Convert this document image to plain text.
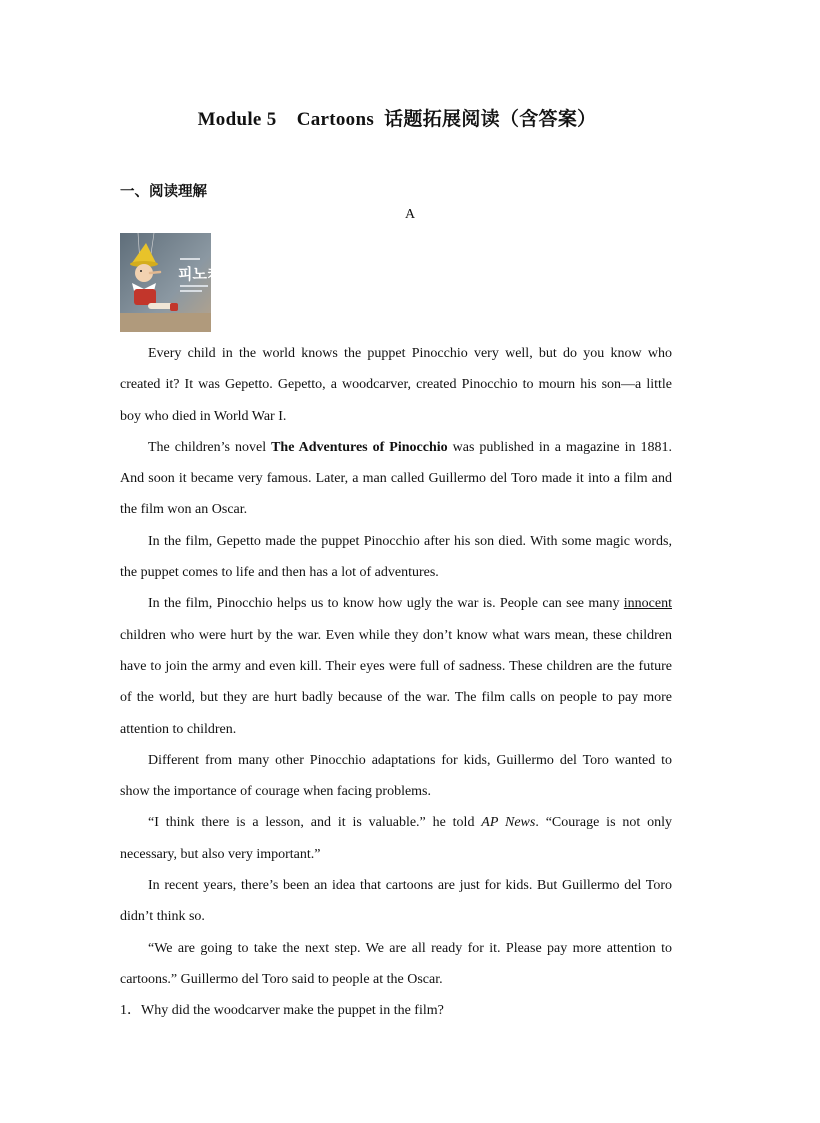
Module 5    Cartoons  话题拓展阅读（含答案）
一、阅读理解
A
피노키

Every child in the world knows the puppet Pinocchio very well, but do you know who created it? It was Gepetto. Gepetto, a woodcarver, created Pinocchio to mourn his son—a little boy who died in World War I.

The children’s novel The Adventures of Pinocchio was published in a magazine in 1881. And soon it became very famous. Later, a man called Guillermo del Toro made it into a film and the film won an Oscar.

In the film, Gepetto made the puppet Pinocchio after his son died. With some magic words, the puppet comes to life and then has a lot of adventures.

In the film, Pinocchio helps us to know how ugly the war is. People can see many innocent children who were hurt by the war. Even while they don’t know what wars mean, these children have to join the army and even kill. Their eyes were full of sadness. These children are the future of the world, but they are hurt badly because of the war. The film calls on people to pay more attention to children.

Different from many other Pinocchio adaptations for kids, Guillermo del Toro wanted to show the importance of courage when facing problems.

“I think there is a lesson, and it is valuable.” he told AP News. “Courage is not only necessary, but also very important.”

In recent years, there’s been an idea that cartoons are just for kids. But Guillermo del Toro didn’t think so.

“We are going to take the next step. We are all ready for it. Please pay more attention to cartoons.” Guillermo del Toro said to people at the Oscar.

1．Why did the woodcarver make the puppet in the film?
